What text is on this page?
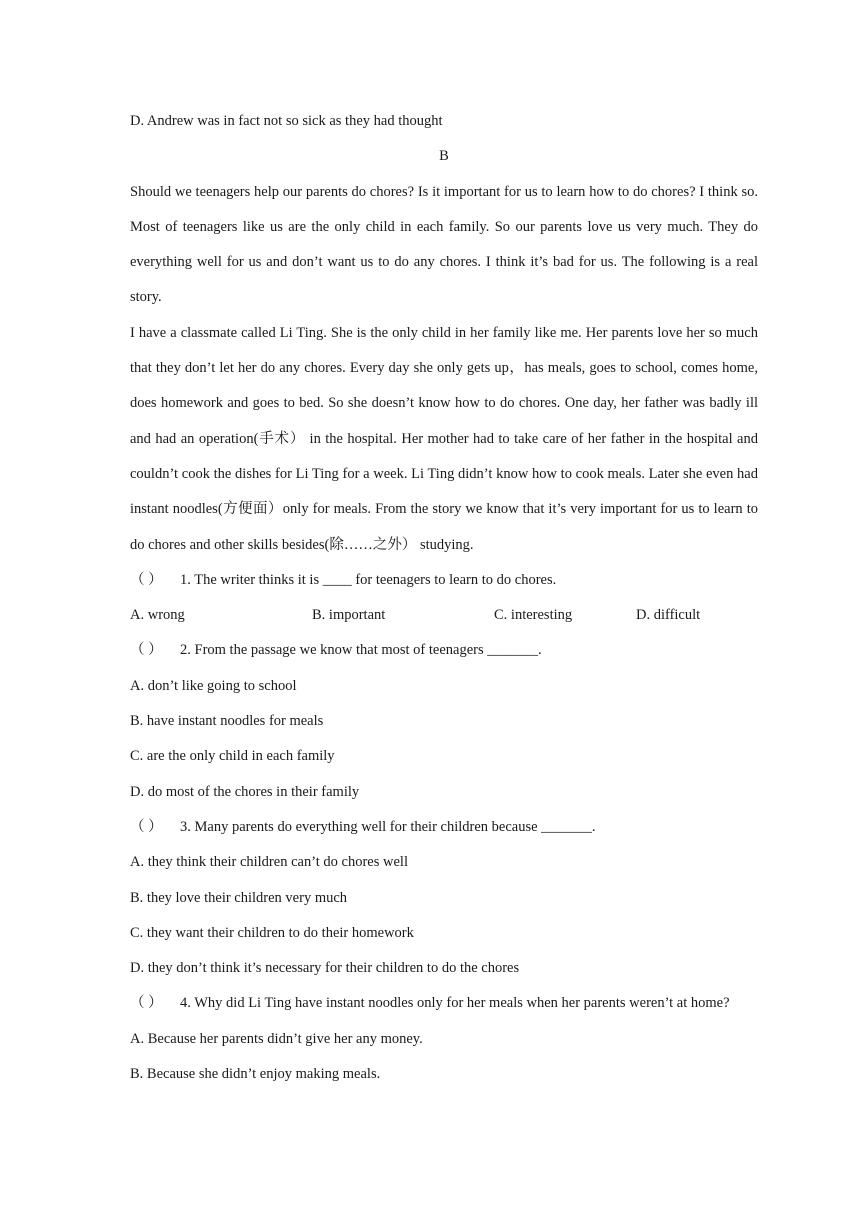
D. Andrew was in fact not so sick as they had thought

B

Should we teenagers help our parents do chores? Is it important for us to learn how to do chores? I think so. Most of teenagers like us are the only child in each family. So our parents love us very much. They do everything well for us and don’t want us to do any chores. I think it’s bad for us. The following is a real story.

I have a classmate called Li Ting. She is the only child in her family like me. Her parents love her so much that they don’t let her do any chores. Every day she only gets up，has meals, goes to school, comes home, does homework and goes to bed. So she doesn’t know how to do chores. One day, her father was badly ill and had an operation(手术） in the hospital. Her mother had to take care of her father in the hospital and couldn’t cook the dishes for Li Ting for a week. Li Ting didn’t know how to cook meals. Later she even had instant noodles(方便面）only for meals. From the story we know that it’s very important for us to learn to do chores and other skills besides(除……之外） studying.

（ ） 1. The writer thinks it is ____ for teenagers to learn to do chores.

A. wrong	B. important	C. interesting	D. difficult

（ ） 2. From the passage we know that most of teenagers _______.

A. don’t like going to school

B. have instant noodles for meals

C. are the only child in each family

D. do most of the chores in their family

（ ） 3. Many parents do everything well for their children because _______.

A. they think their children can’t do chores well

B. they love their children very much

C. they want their children to do their homework

D. they don’t think it’s necessary for their children to do the chores

（ ） 4. Why did Li Ting have instant noodles only for her meals when her parents weren’t at home?

A. Because her parents didn’t give her any money.

B. Because she didn’t enjoy making meals.
